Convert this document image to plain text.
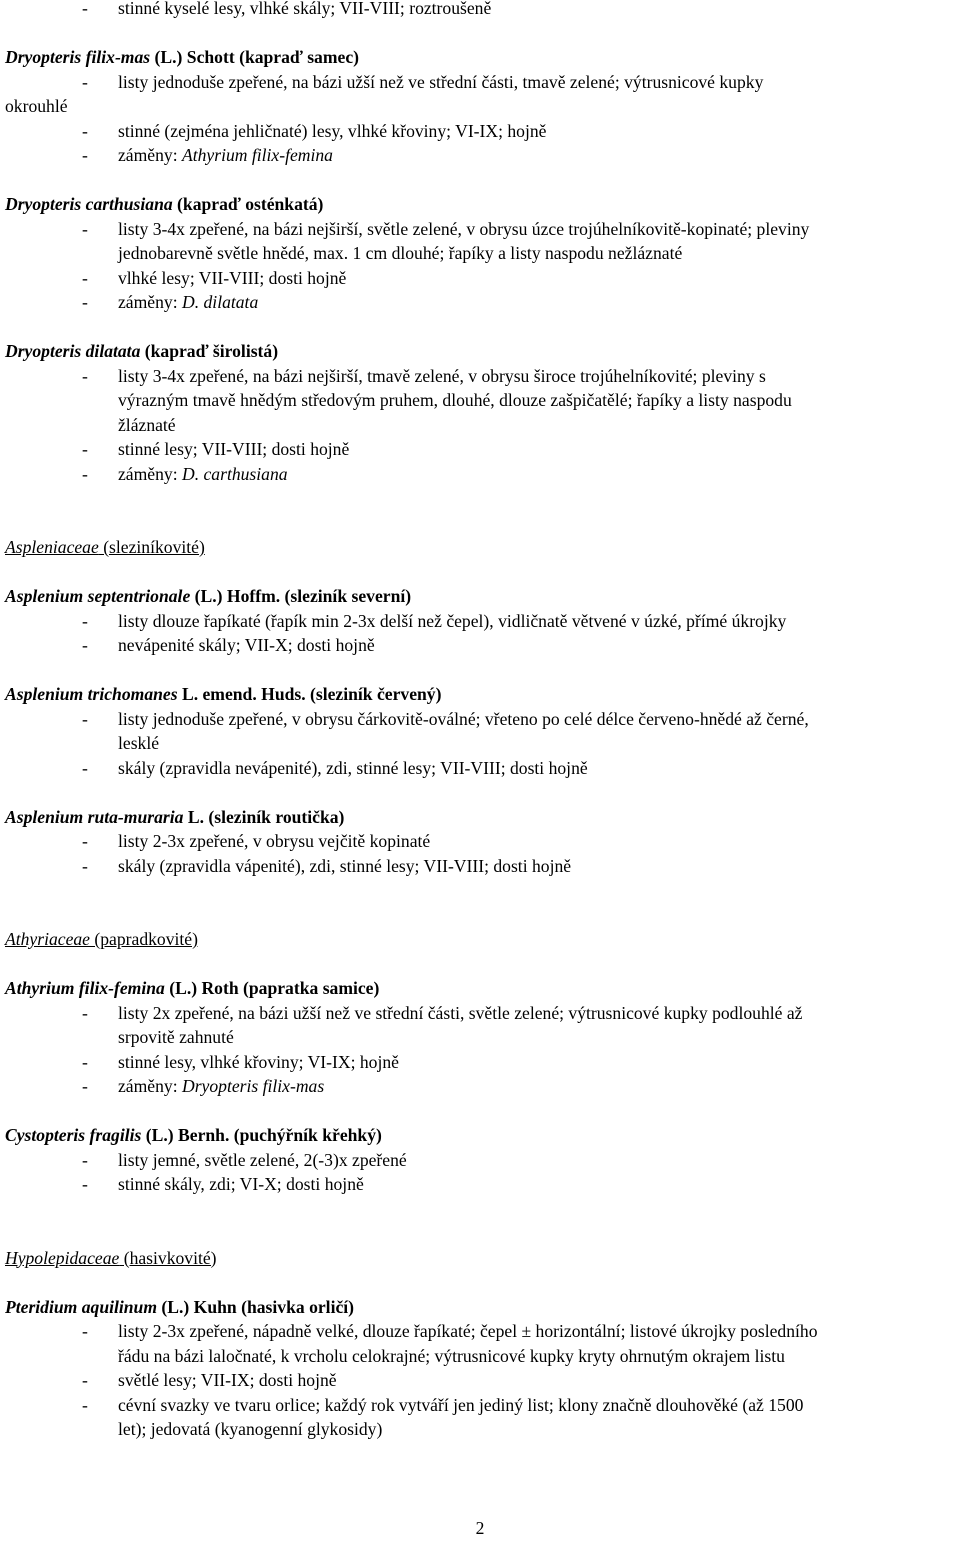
- stinné kyselé lesy, vlhké skály; VII-VIII; roztroušeně
Dryopteris filix-mas (L.) Schott (kapraď samec)
- listy jednoduše zpeřené, na bázi užší než ve střední části, tmavě zelené; výtrusnicové kupky
okrouhlé
- stinné (zejména jehličnaté) lesy, vlhké křoviny; VI-IX; hojně
- záměny: Athyrium filix-femina
Dryopteris carthusiana (kapraď osténkatá)
- listy 3-4x zpeřené, na bázi nejširší, světle zelené, v obrysu úzce trojúhelníkovitě-kopinaté; pleviny
jednobarevně světle hnědé, max. 1 cm dlouhé; řapíky a listy naspodu nežláznaté
- vlhké lesy; VII-VIII; dosti hojně
- záměny: D. dilatata
Dryopteris dilatata (kapraď širolistá)
- listy 3-4x zpeřené, na bázi nejširší, tmavě zelené, v obrysu široce trojúhelníkovité; pleviny s
výrazným tmavě hnědým středovým pruhem, dlouhé, dlouze zašpičatělé; řapíky a listy naspodu
žláznaté
- stinné lesy; VII-VIII; dosti hojně
- záměny: D. carthusiana
Aspleniaceae (sleziníkovité)
Asplenium septentrionale (L.) Hoffm. (sleziník severní)
- listy dlouze řapíkaté (řapík min 2-3x delší než čepel), vidličnatě větvené v úzké, přímé úkrojky
- nevápenité skály; VII-X; dosti hojně
Asplenium trichomanes L. emend. Huds. (sleziník červený)
- listy jednoduše zpeřené, v obrysu čárkovitě-oválné; vřeteno po celé délce červeno-hnědé až černé,
lesklé
- skály (zpravidla nevápenité), zdi, stinné lesy; VII-VIII; dosti hojně
Asplenium ruta-muraria L. (sleziník routička)
- listy 2-3x zpeřené, v obrysu vejčitě kopinaté
- skály (zpravidla vápenité), zdi, stinné lesy; VII-VIII; dosti hojně
Athyriaceae (papradkovité)
Athyrium filix-femina (L.) Roth (papratka samice)
- listy 2x zpeřené, na bázi užší než ve střední části, světle zelené; výtrusnicové kupky podlouhlé až
srpovitě zahnuté
- stinné lesy, vlhké křoviny; VI-IX; hojně
- záměny: Dryopteris filix-mas
Cystopteris fragilis (L.) Bernh. (puchýřník křehký)
- listy jemné, světle zelené, 2(-3)x zpeřené
- stinné skály, zdi; VI-X; dosti hojně
Hypolepidaceae (hasivkovité)
Pteridium aquilinum (L.) Kuhn (hasivka orličí)
- listy 2-3x zpeřené, nápadně velké, dlouze řapíkaté; čepel ± horizontální; listové úkrojky posledního
řádu na bázi laločnaté, k vrcholu celokrajné; výtrusnicové kupky kryty ohrnutým okrajem listu
- světlé lesy; VII-IX; dosti hojně
- cévní svazky ve tvaru orlice; každý rok vytváří jen jediný list; klony značně dlouhověké (až 1500
let); jedovatá (kyanogenní glykosidy)
2
